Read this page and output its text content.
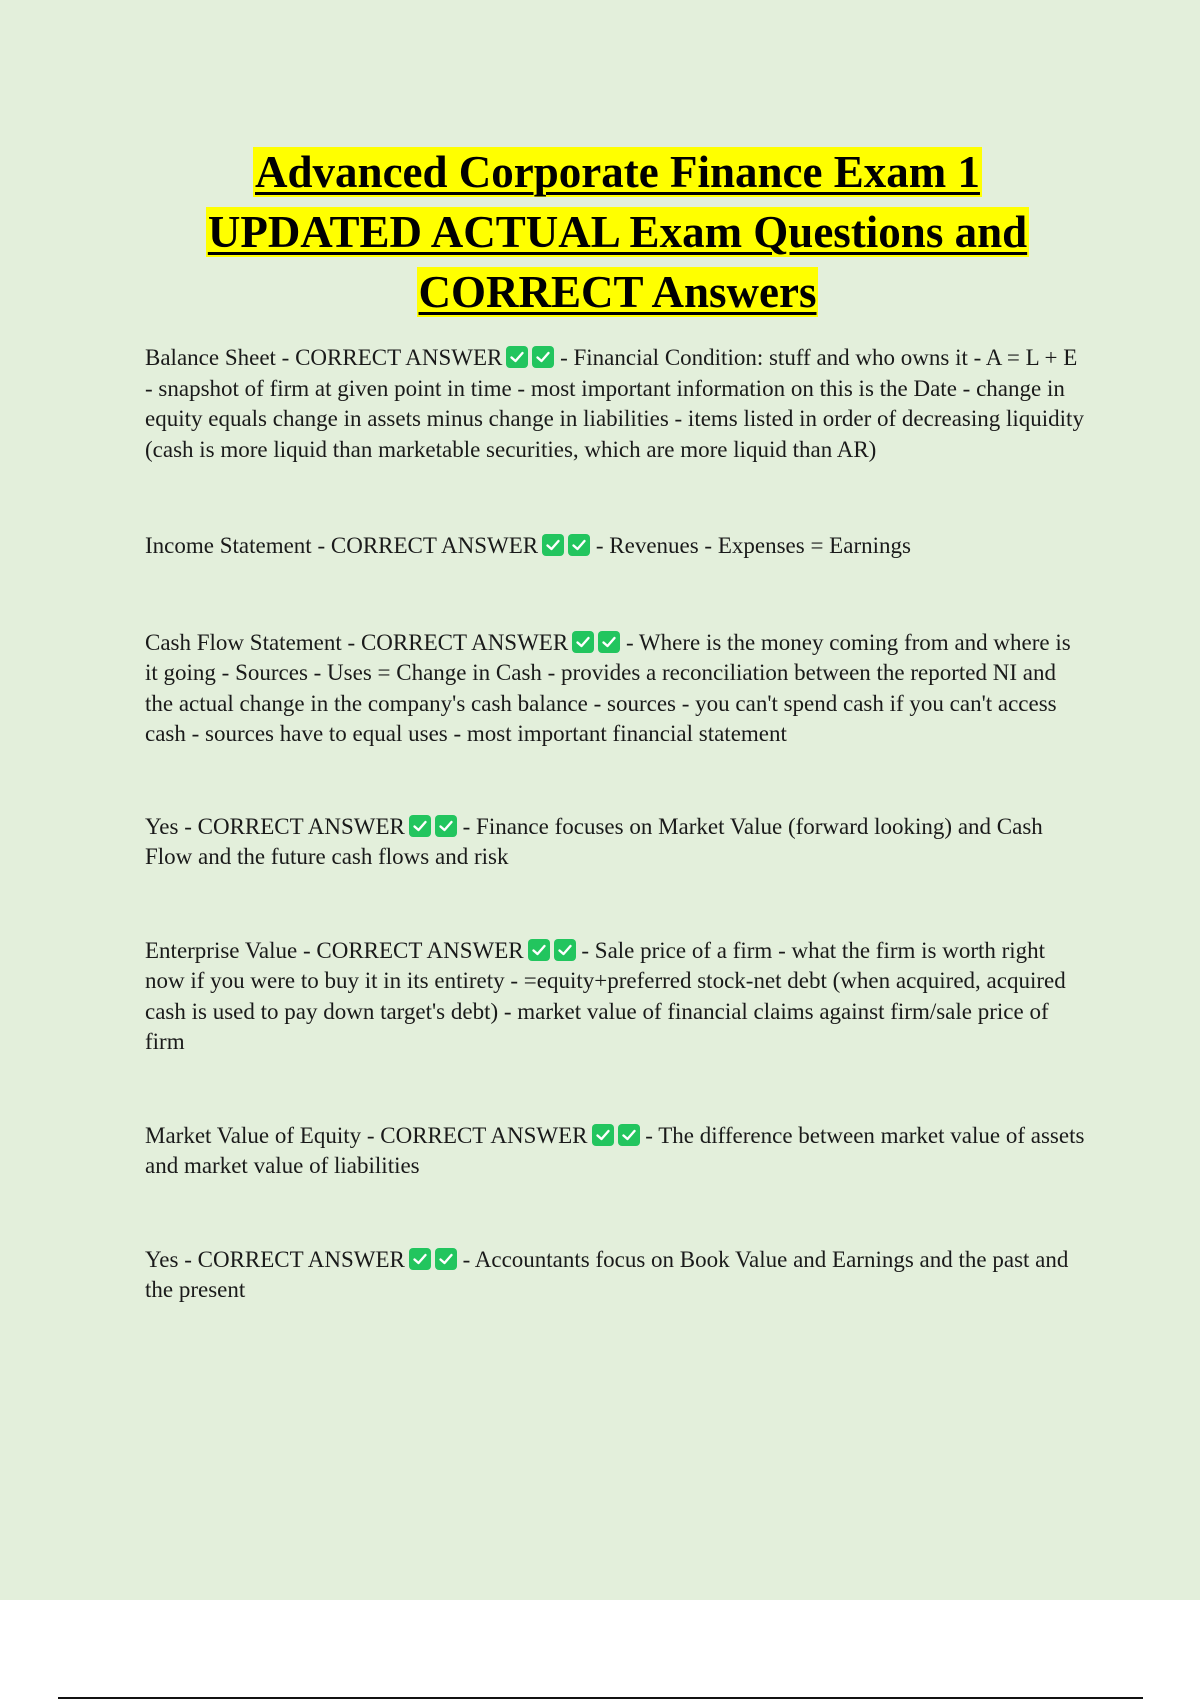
Advanced Corporate Finance Exam 1
UPDATED ACTUAL Exam Questions and
CORRECT Answers

Balance Sheet - CORRECT ANSWER	- Financial Condition: stuff and who owns it - A = L + E - snapshot of firm at given point in time - most important information on this is the Date - change in equity equals change in assets minus change in liabilities - items listed in order of decreasing liquidity (cash is more liquid than marketable securities, which are more liquid than AR)

Income Statement - CORRECT ANSWER	- Revenues - Expenses = Earnings

Cash Flow Statement - CORRECT ANSWER	- Where is the money coming from and where is it going - Sources - Uses = Change in Cash - provides a reconciliation between the reported NI and the actual change in the company's cash balance - sources - you can't spend cash if you can't access cash - sources have to equal uses - most important financial statement

Yes - CORRECT ANSWER	- Finance focuses on Market Value (forward looking) and Cash Flow and the future cash flows and risk

Enterprise Value - CORRECT ANSWER	- Sale price of a firm - what the firm is worth right now if you were to buy it in its entirety - =equity+preferred stock-net debt (when acquired, acquired cash is used to pay down target's debt) - market value of financial claims against firm/sale price of firm

Market Value of Equity - CORRECT ANSWER	- The difference between market value of assets and market value of liabilities

Yes - CORRECT ANSWER	- Accountants focus on Book Value and Earnings and the past and the present
